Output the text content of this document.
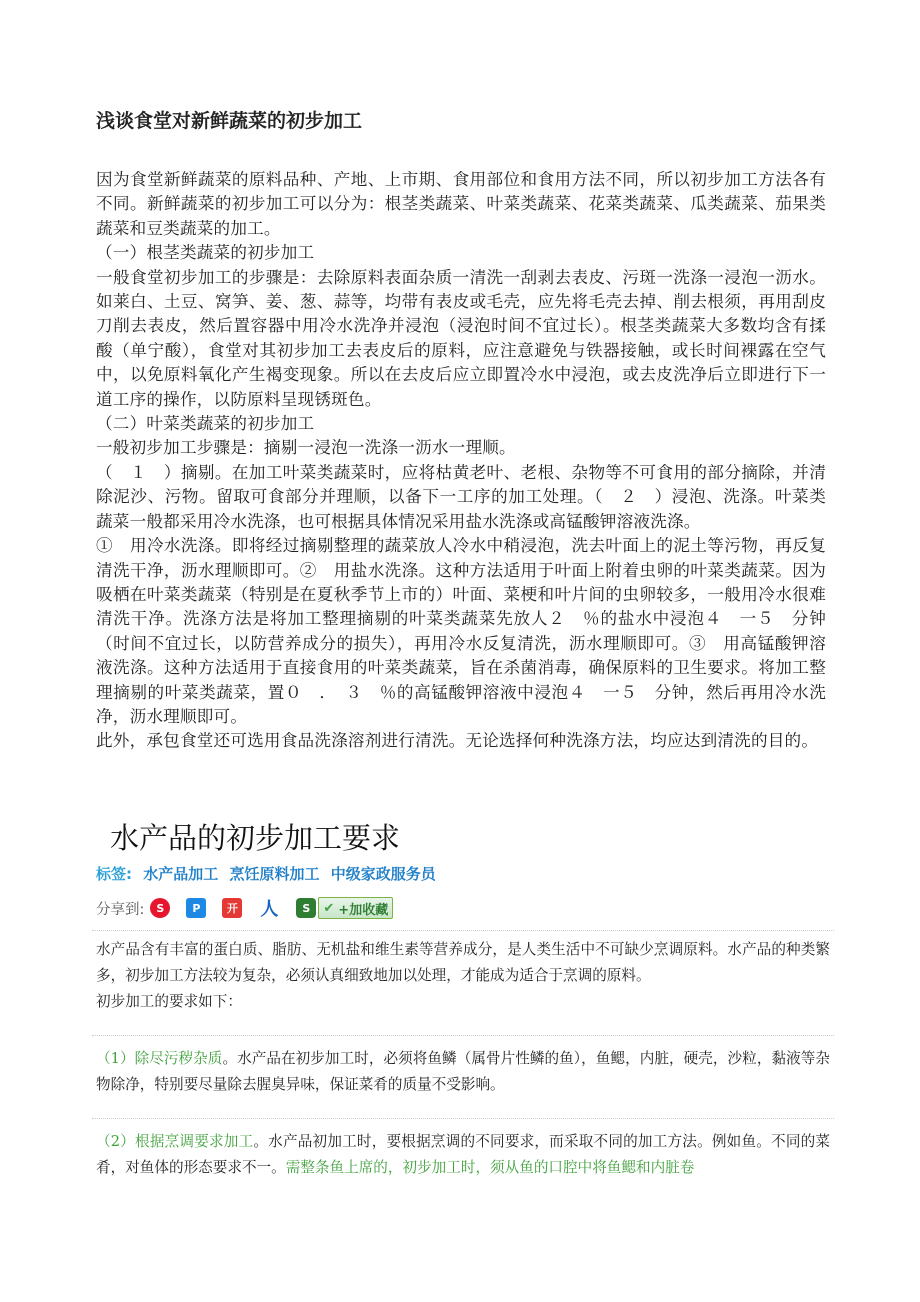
浅谈食堂对新鲜蔬菜的初步加工

因为食堂新鲜蔬菜的原料品种、产地、上市期、食用部位和食用方法不同，所以初步加工方法各有不同。新鲜蔬菜的初步加工可以分为：根茎类蔬菜、叶菜类蔬菜、花菜类蔬菜、瓜类蔬菜、茄果类蔬菜和豆类蔬菜的加工。

（一）根茎类蔬菜的初步加工

一般食堂初步加工的步骤是：去除原料表面杂质一清洗一刮剥去表皮、污斑一洗涤一浸泡一沥水。如莱白、土豆、窝笋、姜、葱、蒜等，均带有表皮或毛壳，应先将毛壳去掉、削去根须，再用刮皮刀削去表皮，然后置容器中用冷水洗净并浸泡（浸泡时间不宜过长）。根茎类蔬菜大多数均含有揉酸（单宁酸），食堂对其初步加工去表皮后的原料，应注意避免与铁器接触，或长时间裸露在空气中，以免原料氧化产生褐变现象。所以在去皮后应立即置冷水中浸泡，或去皮洗净后立即进行下一道工序的操作，以防原料呈现锈斑色。

（二）叶菜类蔬菜的初步加工

一般初步加工步骤是：摘剔一浸泡一洗涤一沥水一理顺。

（　１　）摘剔。在加工叶菜类蔬菜时，应将枯黄老叶、老根、杂物等不可食用的部分摘除，并清除泥沙、污物。留取可食部分并理顺，以备下一工序的加工处理。（　２　）浸泡、洗涤。叶菜类蔬菜一般都采用冷水洗涤，也可根据具体情况采用盐水洗涤或高锰酸钾溶液洗涤。

①　用冷水洗涤。即将经过摘剔整理的蔬菜放人冷水中稍浸泡，洗去叶面上的泥土等污物，再反复清洗干净，沥水理顺即可。②　用盐水洗涤。这种方法适用于叶面上附着虫卵的叶菜类蔬菜。因为吸栖在叶菜类蔬菜（特别是在夏秋季节上市的）叶面、菜梗和叶片间的虫卵较多，一般用冷水很难清洗干净。洗涤方法是将加工整理摘剔的叶菜类蔬菜先放人２　％的盐水中浸泡４　一５　分钟（时间不宜过长，以防营养成分的损失），再用冷水反复清洗，沥水理顺即可。③　用高锰酸钾溶液洗涤。这种方法适用于直接食用的叶菜类蔬菜，旨在杀菌消毒，确保原料的卫生要求。将加工整理摘剔的叶菜类蔬菜，置０　．　３　％的高锰酸钾溶液中浸泡４　一５　分钟，然后再用冷水洗净，沥水理顺即可。

此外，承包食堂还可选用食品洗涤溶剂进行清洗。无论选择何种洗涤方法，均应达到清洗的目的。

水产品的初步加工要求
标签: 水产品加工 烹饪原料加工 中级家政服务员
分享到:	S	P	开 人	S	✔ +加收藏

水产品含有丰富的蛋白质、脂肪、无机盐和维生素等营养成分，是人类生活中不可缺少烹调原料。水产品的种类繁多，初步加工方法较为复杂，必须认真细致地加以处理，才能成为适合于烹调的原料。

初步加工的要求如下：

（1）除尽污秽杂质。水产品在初步加工时，必须将鱼鳞（属骨片性鳞的鱼），鱼鳃，内脏，硬壳，沙粒，黏液等杂物除净，特别要尽量除去腥臭异味，保证菜肴的质量不受影响。

（2）根据烹调要求加工。水产品初加工时，要根据烹调的不同要求，而采取不同的加工方法。例如鱼。不同的菜肴，对鱼体的形态要求不一。需整条鱼上席的，初步加工时，须从鱼的口腔中将鱼鳃和内脏卷
